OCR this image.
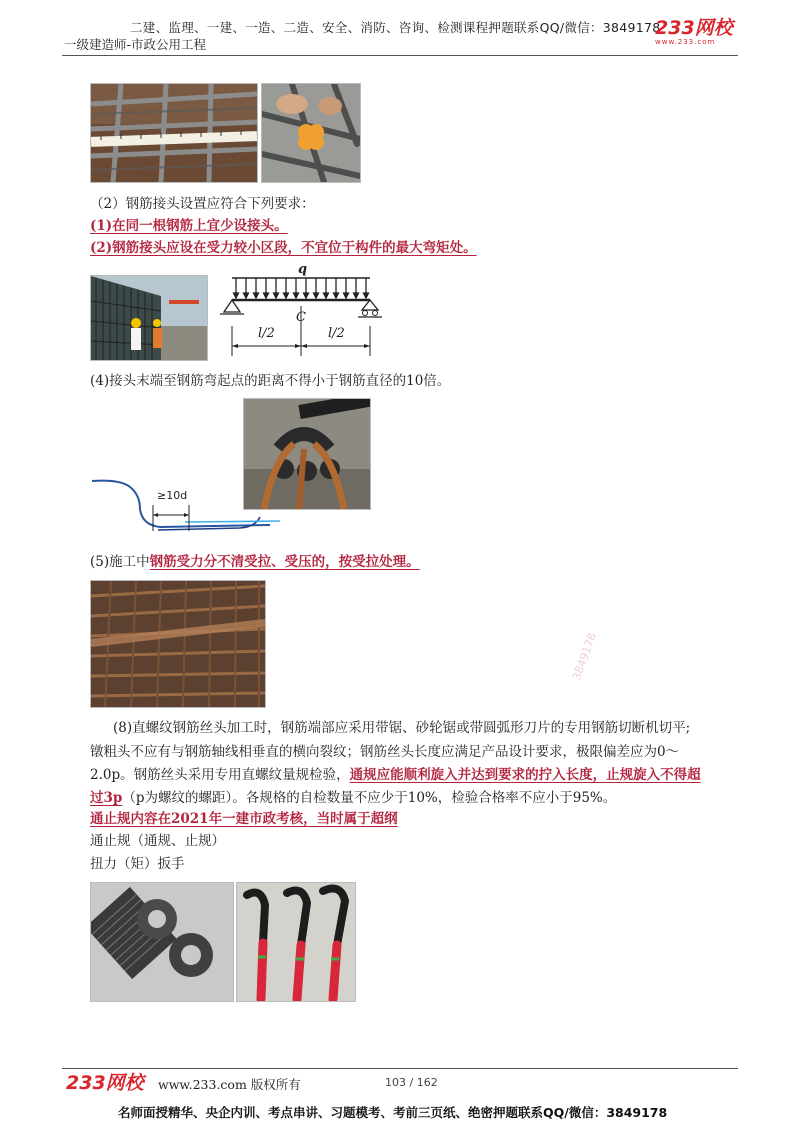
二建、监理、一建、一造、二造、安全、消防、咨询、检测课程押题联系QQ/微信：3849178
一级建造师-市政公用工程
233网校
www.233.com
（2）钢筋接头设置应符合下列要求：
(1)在同一根钢筋上宜少设接头。
(2)钢筋接头应设在受力较小区段，不宜位于构件的最大弯矩处。
q
C
l/2	l/2
(4)接头末端至钢筋弯起点的距离不得小于钢筋直径的10倍。
≥10d
(5)施工中钢筋受力分不清受拉、受压的，按受拉处理。
(8)直螺纹钢筋丝头加工时，钢筋端部应采用带锯、砂轮锯或带圆弧形刀片的专用钢筋切断机切平;
镦粗头不应有与钢筋轴线相垂直的横向裂纹；钢筋丝头长度应满足产品设计要求，极限偏差应为0～
2.0p。钢筋丝头采用专用直螺纹量规检验，通规应能顺利旋入并达到要求的拧入长度，止规旋入不得超
过3p（p为螺纹的螺距）。各规格的自检数量不应少于10%，检验合格率不应小于95%。
通止规内容在2021年一建市政考核，当时属于超纲
通止规（通规、止规）
扭力（矩）扳手
3849178
233网校 www.233.com 版权所有	103 / 162
名师面授精华、央企内训、考点串讲、习题模考、考前三页纸、绝密押题联系QQ/微信：3849178
